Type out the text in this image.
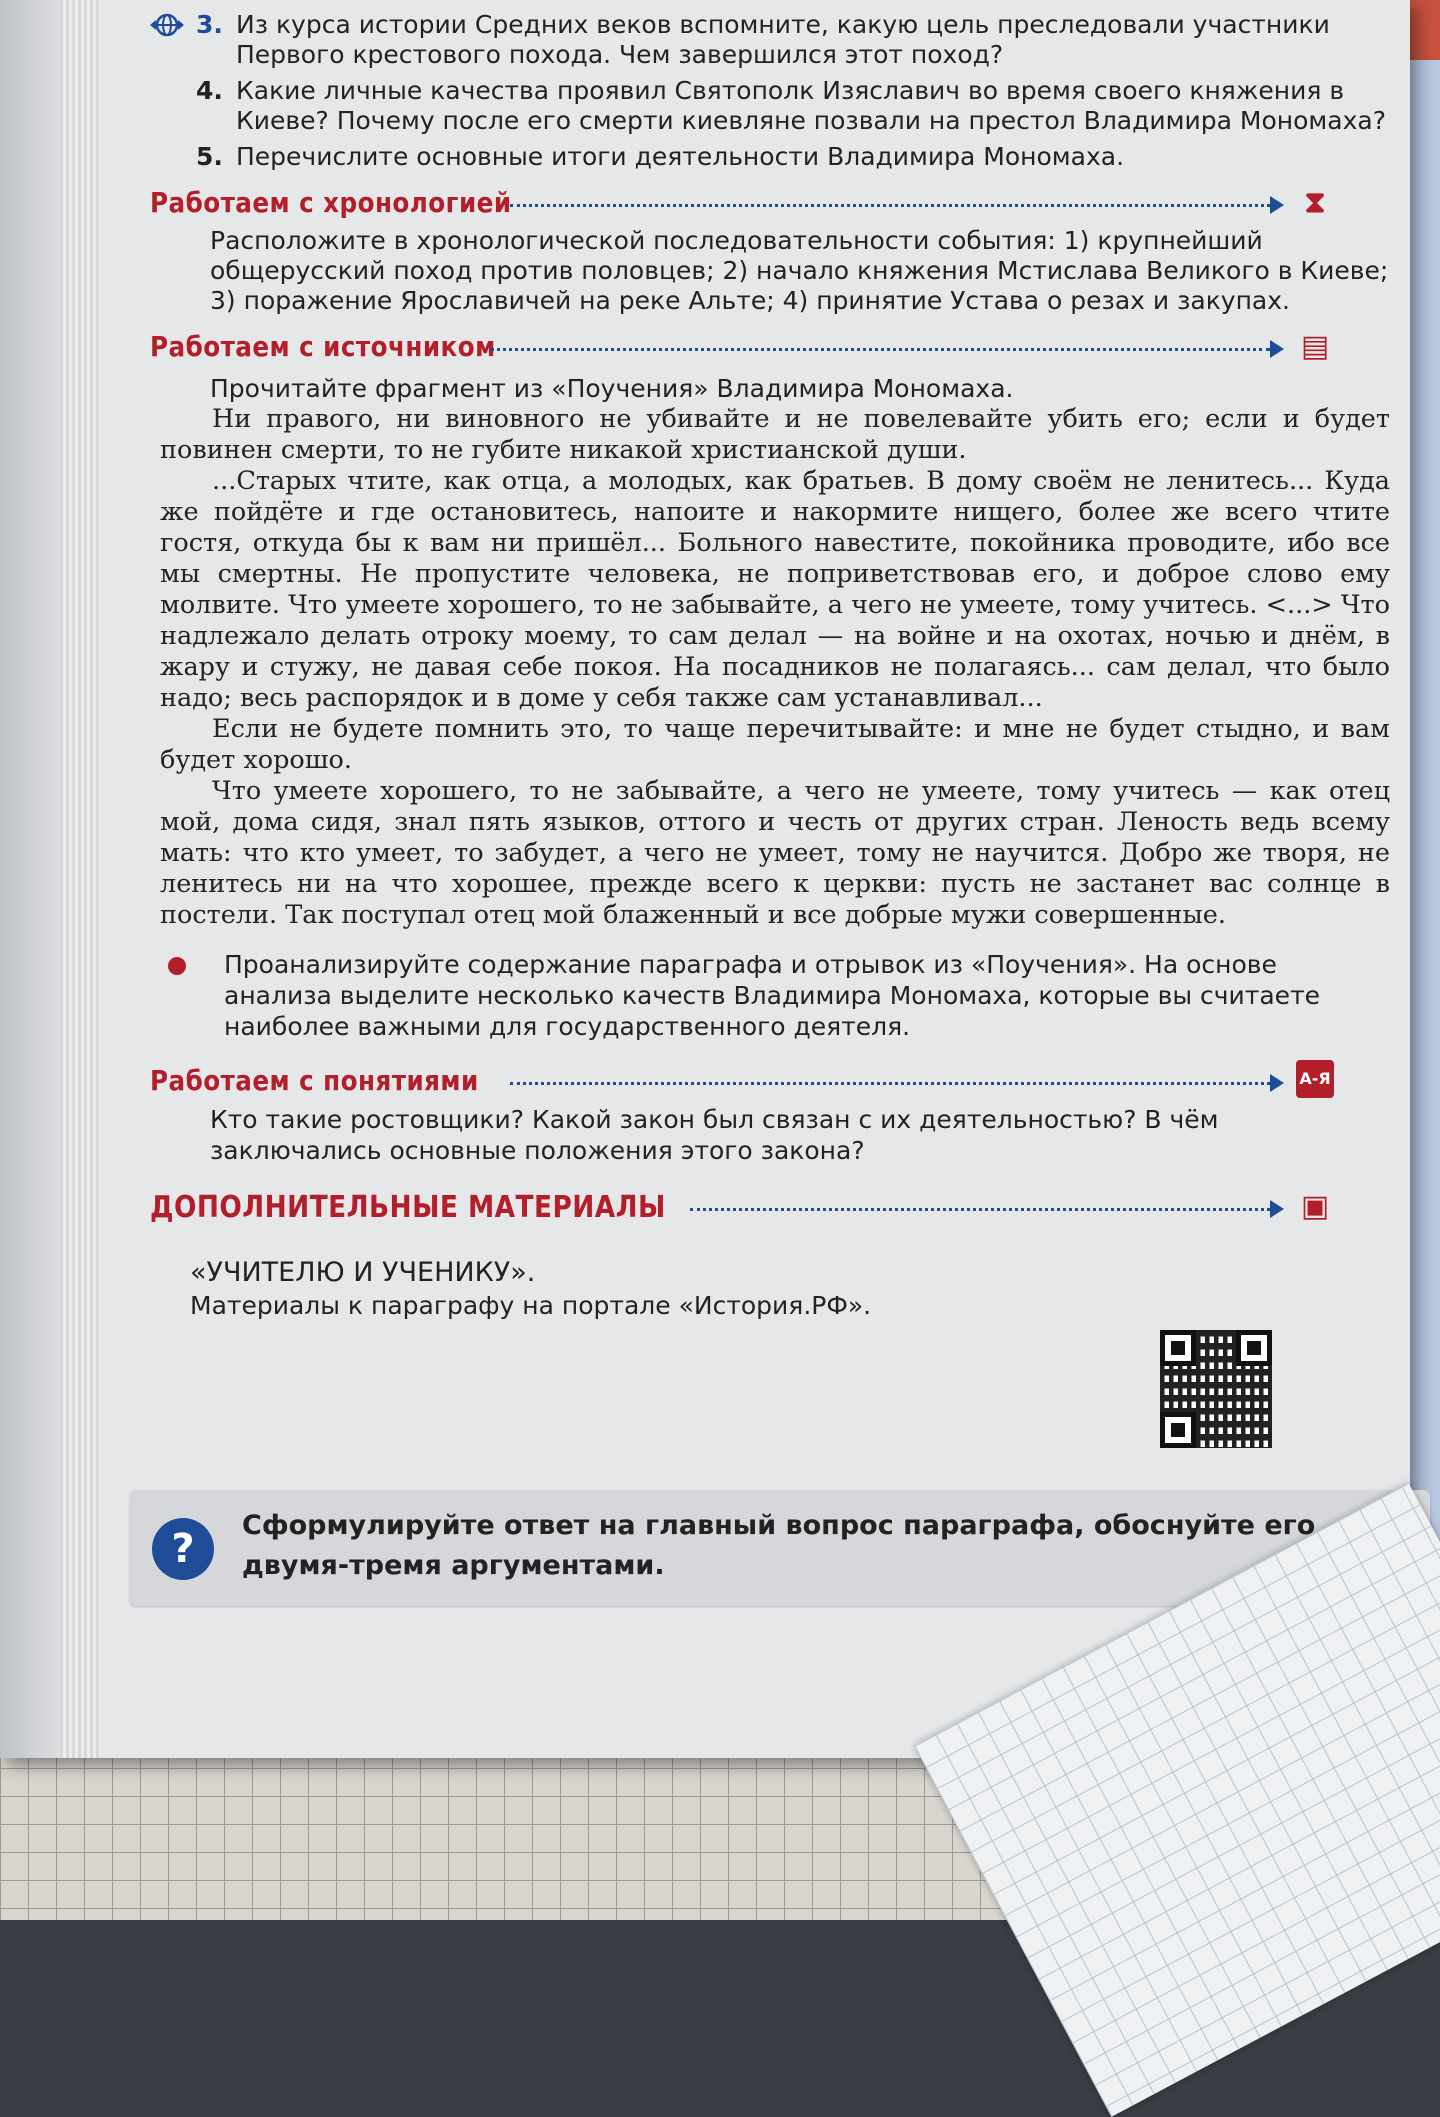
3. Из курса истории Средних веков вспомните, какую цель преследовали участники Первого крестового похода. Чем завершился этот поход?
4. Какие личные качества проявил Святополк Изяславич во время своего княжения в Киеве? Почему после его смерти киевляне позвали на престол Владимира Мономаха?
5. Перечислите основные итоги деятельности Владимира Мономаха.
Работаем с хронологией	⧗
Расположите в хронологической последовательности события: 1) крупнейший общерусский поход против половцев; 2) начало княжения Мстислава Великого в Киеве; 3) поражение Ярославичей на реке Альте; 4) принятие Устава о резах и закупах.
Работаем с источником	▤
Прочитайте фрагмент из «Поучения» Владимира Мономаха.

Ни правого, ни виновного не убивайте и не повелевайте убить его; если и будет повинен смерти, то не губите никакой христианской души.

...Старых чтите, как отца, а молодых, как братьев. В дому своём не ленитесь... Куда же пойдёте и где остановитесь, напоите и накормите нищего, более же всего чтите гостя, откуда бы к вам ни пришёл... Больного навестите, покойника проводите, ибо все мы смертны. Не пропустите человека, не поприветствовав его, и доброе слово ему молвите. Что умеете хорошего, то не забывайте, а чего не умеете, тому учитесь. <...> Что надлежало делать отроку моему, то сам делал — на войне и на охотах, ночью и днём, в жару и стужу, не давая себе покоя. На посадников не полагаясь... сам делал, что было надо; весь распорядок и в доме у себя также сам устанавливал...

Если не будете помнить это, то чаще перечитывайте: и мне не будет стыдно, и вам будет хорошо.

Что умеете хорошего, то не забывайте, а чего не умеете, тому учитесь — как отец мой, дома сидя, знал пять языков, оттого и честь от других стран. Леность ведь всему мать: что кто умеет, то забудет, а чего не умеет, тому не научится. Добро же творя, не ленитесь ни на что хорошее, прежде всего к церкви: пусть не застанет вас солнце в постели. Так поступал отец мой блаженный и все добрые мужи совершенные.

Проанализируйте содержание параграфа и отрывок из «Поучения». На основе анализа выделите несколько качеств Владимира Мономаха, которые вы считаете наиболее важными для государственного деятеля.
Работаем с понятиями	А-Я
Кто такие ростовщики? Какой закон был связан с их деятельностью? В чём заключались основные положения этого закона?
ДОПОЛНИТЕЛЬНЫЕ МАТЕРИАЛЫ	▣
«УЧИТЕЛЮ И УЧЕНИКУ».
Материалы к параграфу на портале «История.РФ».
?
Сформулируйте ответ на главный вопрос параграфа, обоснуйте его двумя-тремя аргументами.
